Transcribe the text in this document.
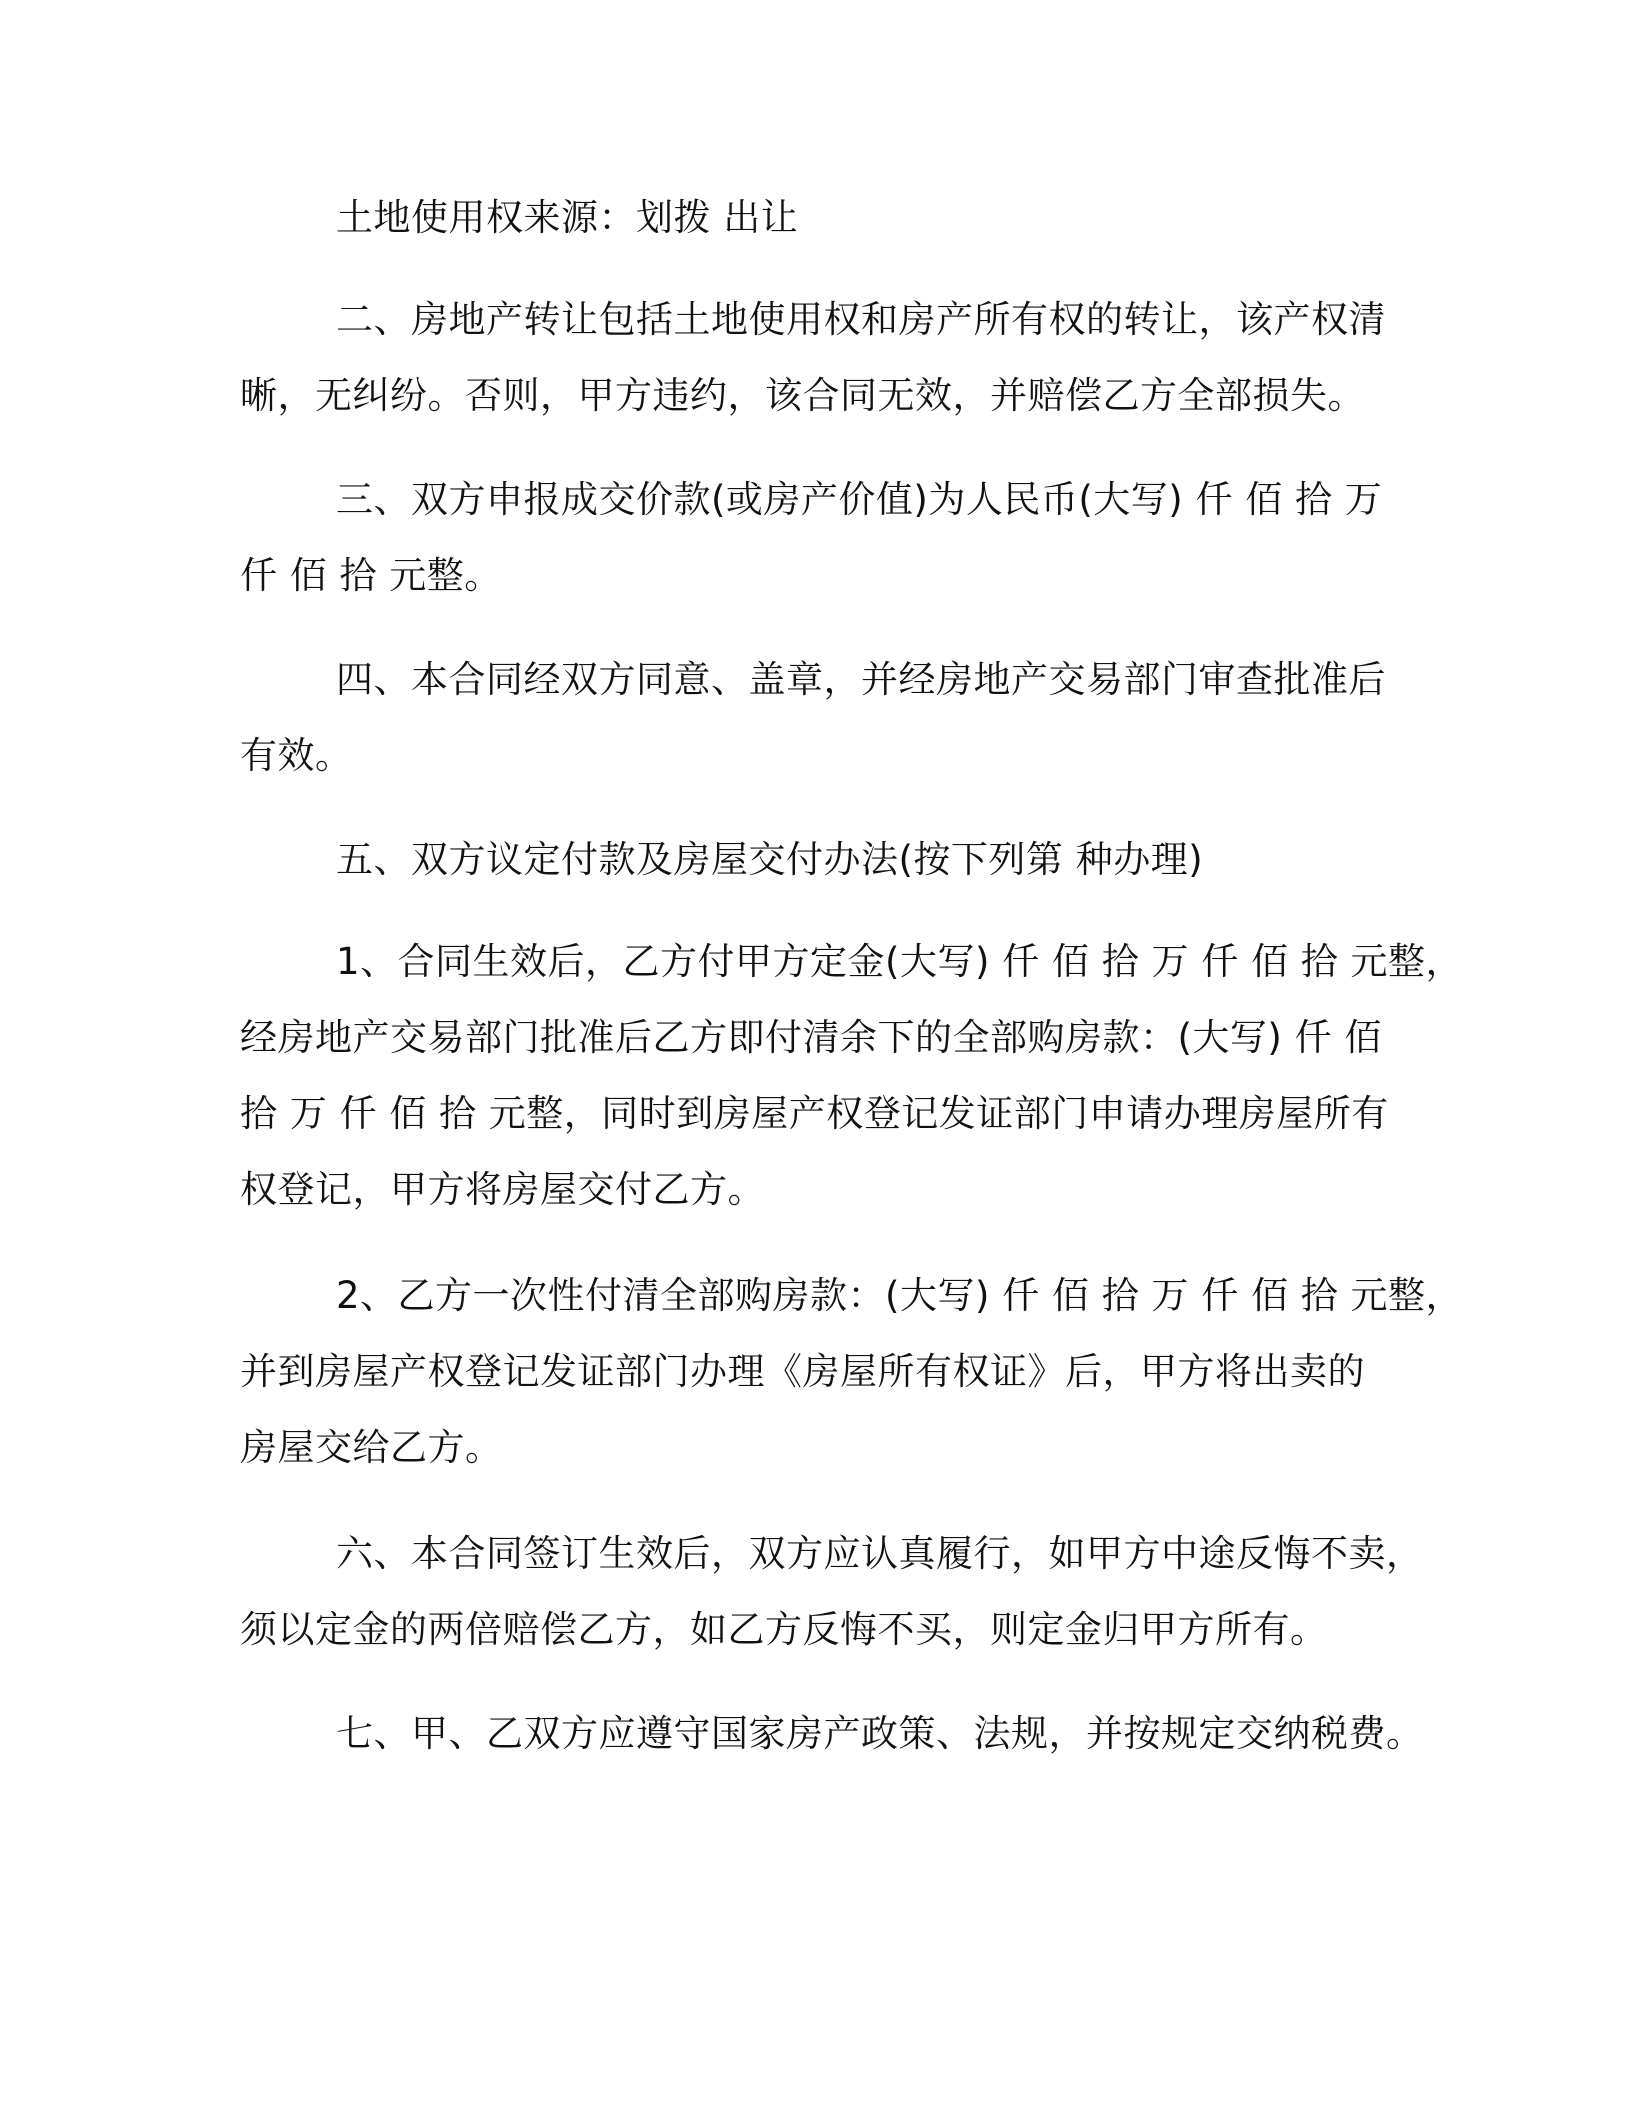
土地使用权来源：划拨 出让
二、房地产转让包括土地使用权和房产所有权的转让，该产权清
晰，无纠纷。否则，甲方违约，该合同无效，并赔偿乙方全部损失。
三、双方申报成交价款(或房产价值)为人民币(大写) 仟 佰 拾 万
仟 佰 拾 元整。
四、本合同经双方同意、盖章，并经房地产交易部门审查批准后
有效。
五、双方议定付款及房屋交付办法(按下列第 种办理)
1、合同生效后，乙方付甲方定金(大写) 仟 佰 拾 万 仟 佰 拾 元整，
经房地产交易部门批准后乙方即付清余下的全部购房款：(大写) 仟 佰
拾 万 仟 佰 拾 元整，同时到房屋产权登记发证部门申请办理房屋所有
权登记，甲方将房屋交付乙方。
2、乙方一次性付清全部购房款：(大写) 仟 佰 拾 万 仟 佰 拾 元整，
并到房屋产权登记发证部门办理《房屋所有权证》后，甲方将出卖的
房屋交给乙方。
六、本合同签订生效后，双方应认真履行，如甲方中途反悔不卖，
须以定金的两倍赔偿乙方，如乙方反悔不买，则定金归甲方所有。
七、甲、乙双方应遵守国家房产政策、法规，并按规定交纳税费。
